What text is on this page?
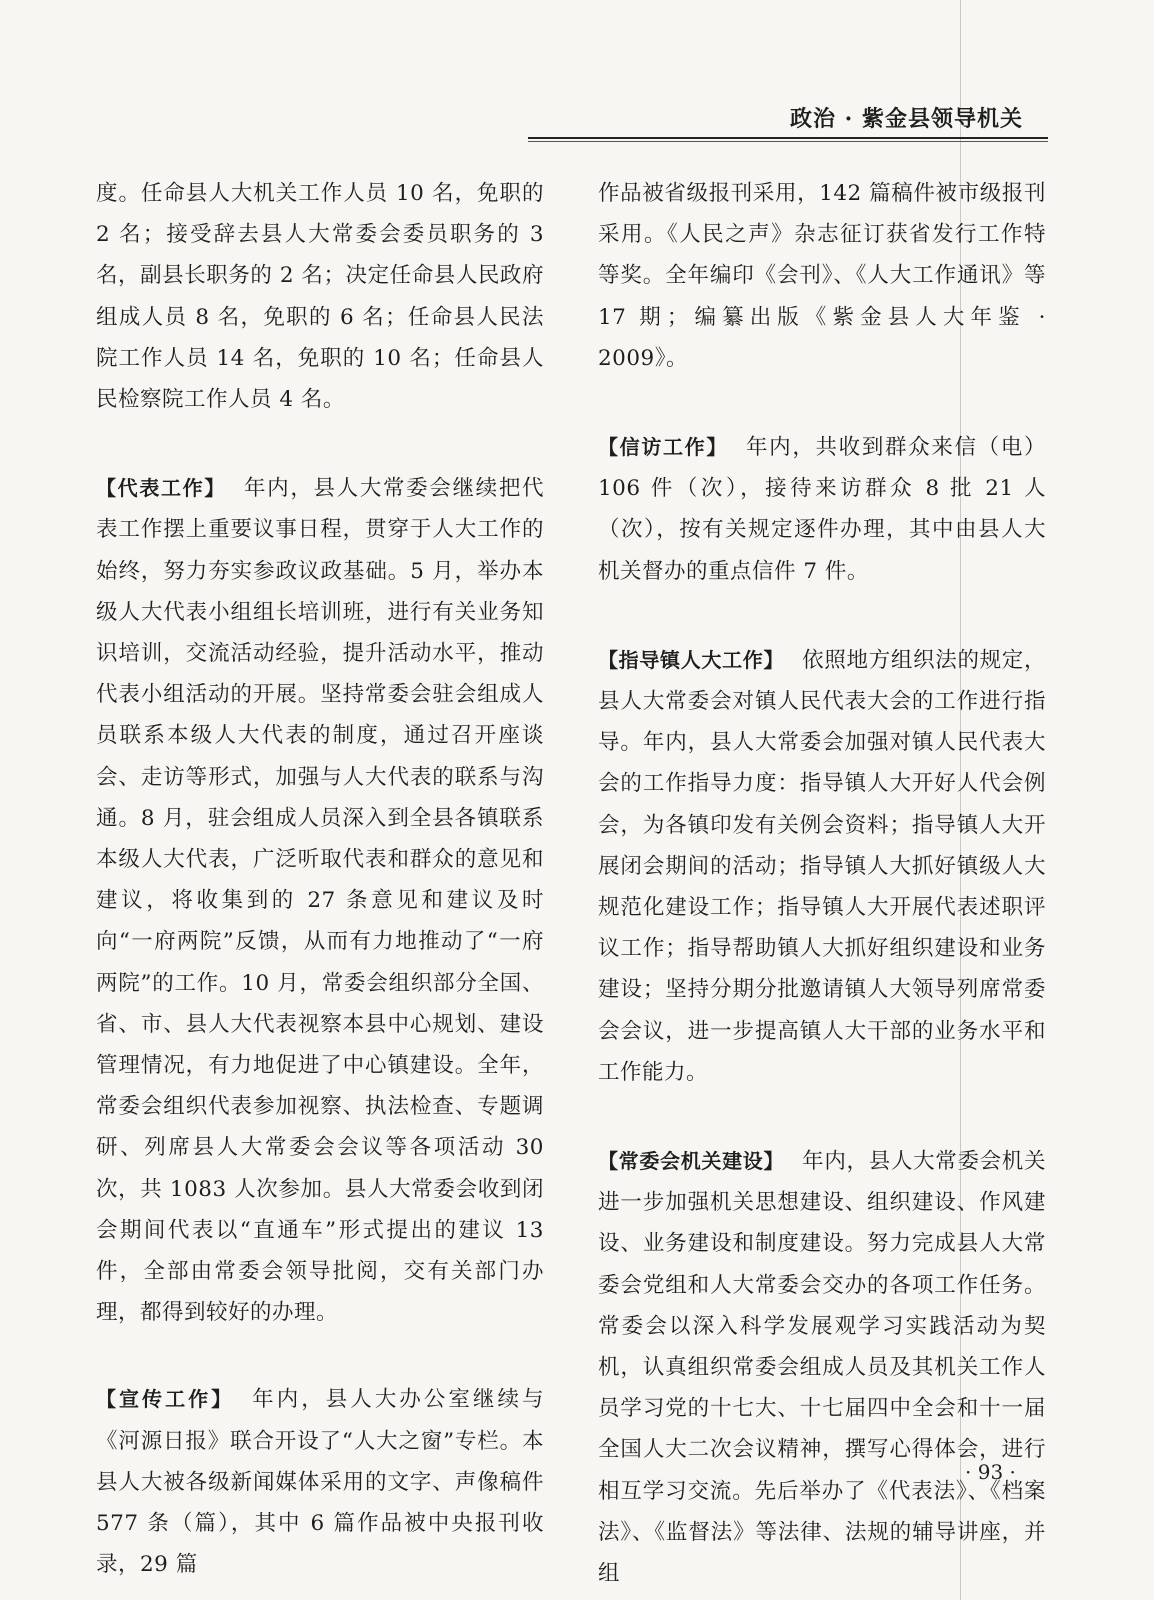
政治 · 紫金县领导机关

度。任命县人大机关工作人员 10 名，免职的 2 名；接受辞去县人大常委会委员职务的 3 名，副县长职务的 2 名；决定任命县人民政府组成人员 8 名，免职的 6 名；任命县人民法院工作人员 14 名，免职的 10 名；任命县人民检察院工作人员 4 名。

【代表工作】 年内，县人大常委会继续把代表工作摆上重要议事日程，贯穿于人大工作的始终，努力夯实参政议政基础。5 月，举办本级人大代表小组组长培训班，进行有关业务知识培训，交流活动经验，提升活动水平，推动代表小组活动的开展。坚持常委会驻会组成人员联系本级人大代表的制度，通过召开座谈会、走访等形式，加强与人大代表的联系与沟通。8 月，驻会组成人员深入到全县各镇联系本级人大代表，广泛听取代表和群众的意见和建议，将收集到的 27 条意见和建议及时向“一府两院”反馈，从而有力地推动了“一府两院”的工作。10 月，常委会组织部分全国、省、市、县人大代表视察本县中心规划、建设管理情况，有力地促进了中心镇建设。全年，常委会组织代表参加视察、执法检查、专题调研、列席县人大常委会会议等各项活动 30 次，共 1083 人次参加。县人大常委会收到闭会期间代表以“直通车”形式提出的建议 13 件，全部由常委会领导批阅，交有关部门办理，都得到较好的办理。

【宣传工作】 年内，县人大办公室继续与《河源日报》联合开设了“人大之窗”专栏。本县人大被各级新闻媒体采用的文字、声像稿件 577 条（篇），其中 6 篇作品被中央报刊收录，29 篇

作品被省级报刊采用，142 篇稿件被市级报刊采用。《人民之声》杂志征订获省发行工作特等奖。全年编印《会刊》、《人大工作通讯》等 17 期；编纂出版《紫金县人大年鉴 · 2009》。

【信访工作】 年内，共收到群众来信（电）106 件（次），接待来访群众 8 批 21 人（次），按有关规定逐件办理，其中由县人大机关督办的重点信件 7 件。

【指导镇人大工作】 依照地方组织法的规定，县人大常委会对镇人民代表大会的工作进行指导。年内，县人大常委会加强对镇人民代表大会的工作指导力度：指导镇人大开好人代会例会，为各镇印发有关例会资料；指导镇人大开展闭会期间的活动；指导镇人大抓好镇级人大规范化建设工作；指导镇人大开展代表述职评议工作；指导帮助镇人大抓好组织建设和业务建设；坚持分期分批邀请镇人大领导列席常委会会议，进一步提高镇人大干部的业务水平和工作能力。

【常委会机关建设】 年内，县人大常委会机关进一步加强机关思想建设、组织建设、作风建设、业务建设和制度建设。努力完成县人大常委会党组和人大常委会交办的各项工作任务。常委会以深入科学发展观学习实践活动为契机，认真组织常委会组成人员及其机关工作人员学习党的十七大、十七届四中全会和十一届全国人大二次会议精神，撰写心得体会，进行相互学习交流。先后举办了《代表法》、《档案法》、《监督法》等法律、法规的辅导讲座，并组

· 93 ·
